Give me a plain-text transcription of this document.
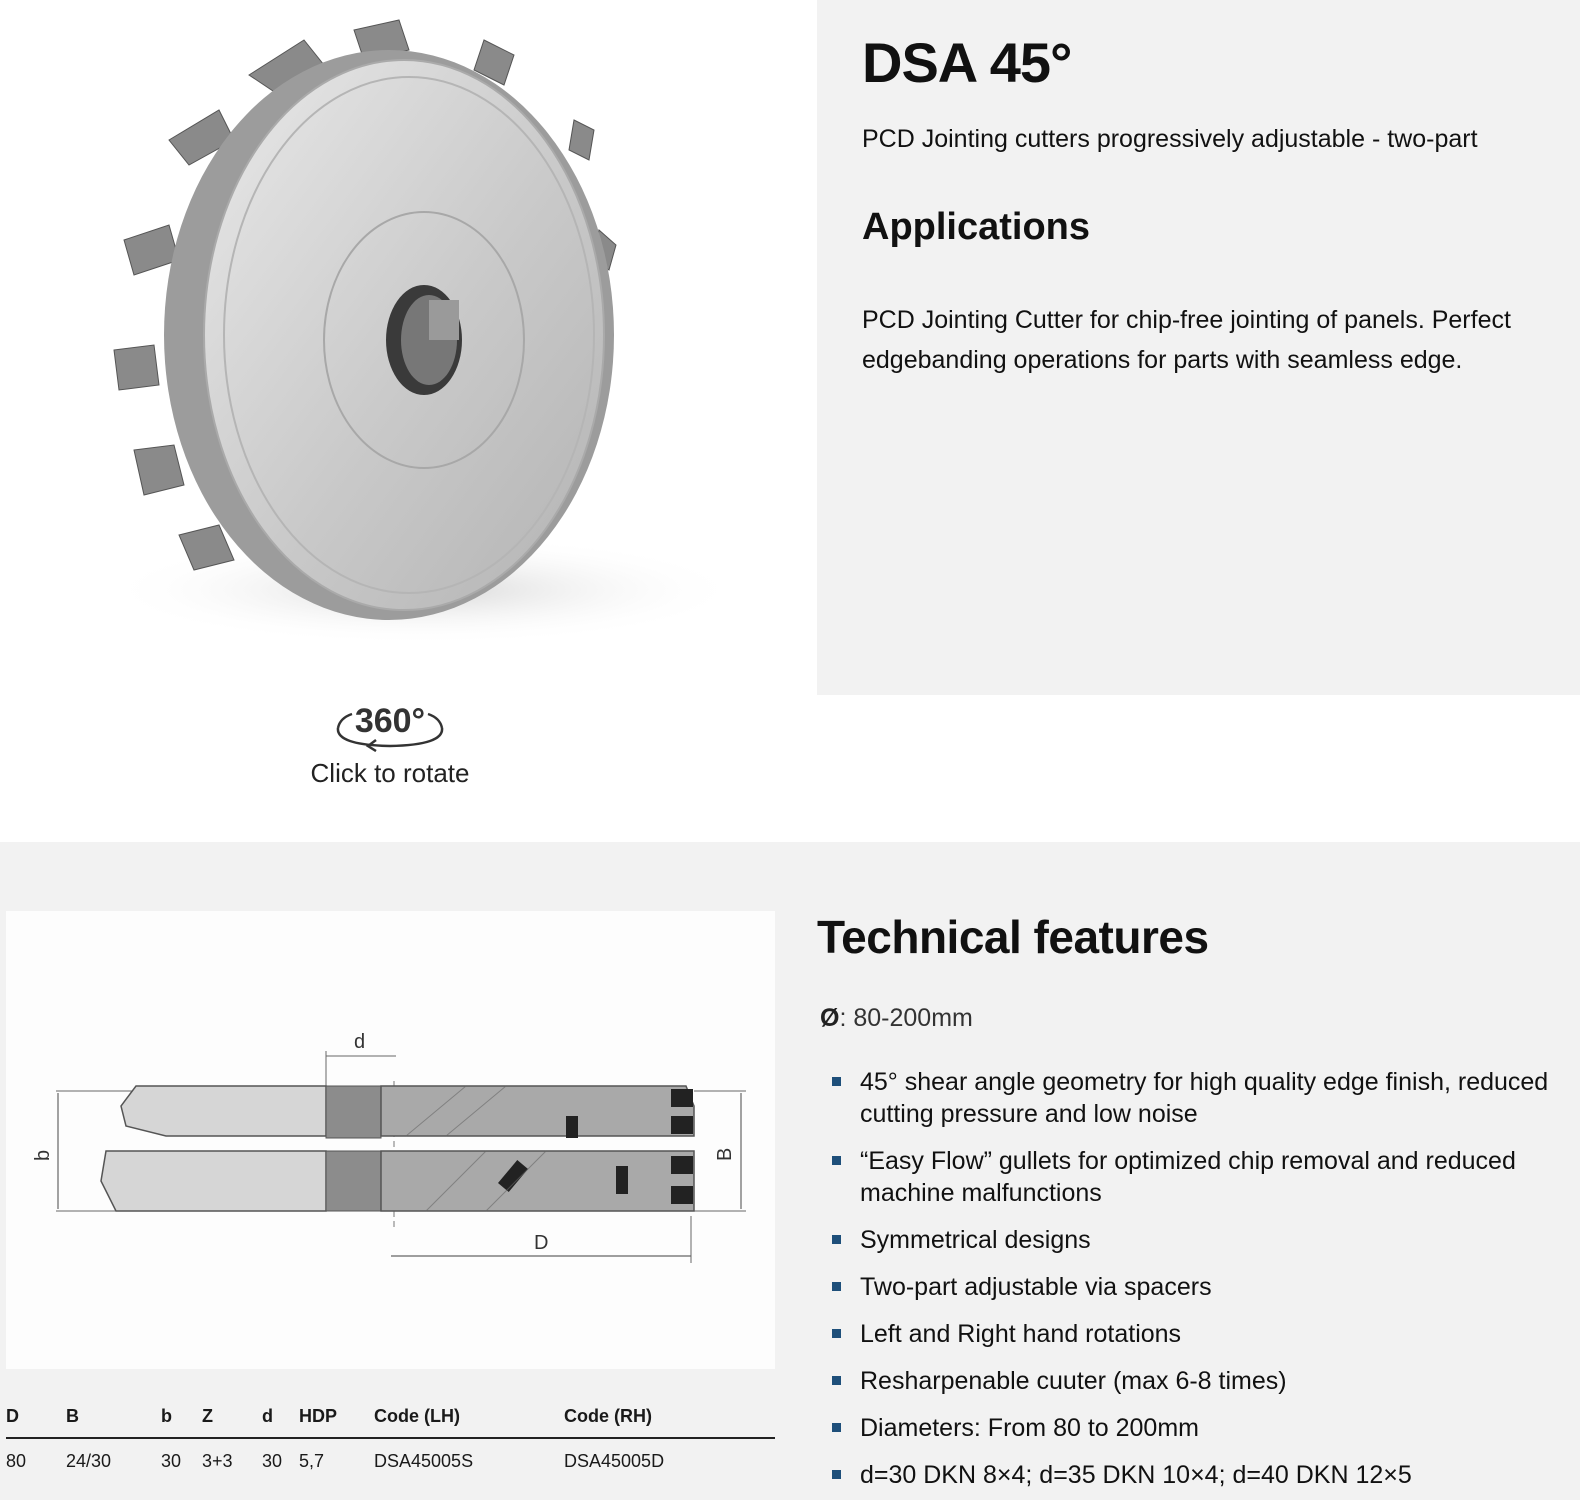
360°
Click to rotate
DSA 45°

PCD Jointing cutters progressively adjustable - two-part

Applications

PCD Jointing Cutter for chip-free jointing of panels. Perfect edgebanding operations for parts with seamless edge.

b
d
B
D
D	B	b	Z	d	HDP	Code (LH)	Code (RH)
80	24/30	30	3+3	30	5,7	DSA45005S	DSA45005D
Technical features

Ø: 80-200mm

45° shear angle geometry for high quality edge finish, reduced cutting pressure and low noise
“Easy Flow” gullets for optimized chip removal and reduced machine malfunctions
Symmetrical designs
Two-part adjustable via spacers
Left and Right hand rotations
Resharpenable cuuter (max 6-8 times)
Diameters: From 80 to 200mm
d=30 DKN 8×4; d=35 DKN 10×4; d=40 DKN 12×5
